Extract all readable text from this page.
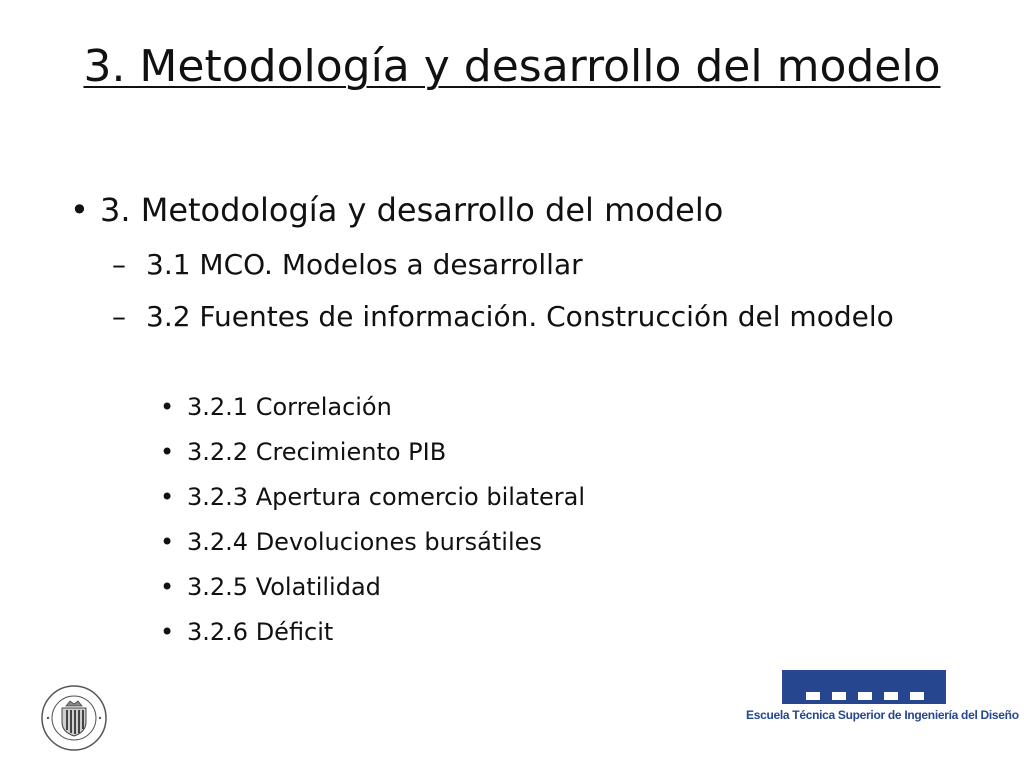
3. Metodología y desarrollo del modelo
• 3. Metodología y desarrollo del modelo
– 3.1 MCO. Modelos a desarrollar
– 3.2 Fuentes de información. Construcción del modelo
• 3.2.1 Correlación
• 3.2.2 Crecimiento PIB
• 3.2.3 Apertura comercio bilateral
• 3.2.4 Devoluciones bursátiles
• 3.2.5 Volatilidad
• 3.2.6 Déficit
Escuela Técnica Superior de Ingeniería del Diseño
